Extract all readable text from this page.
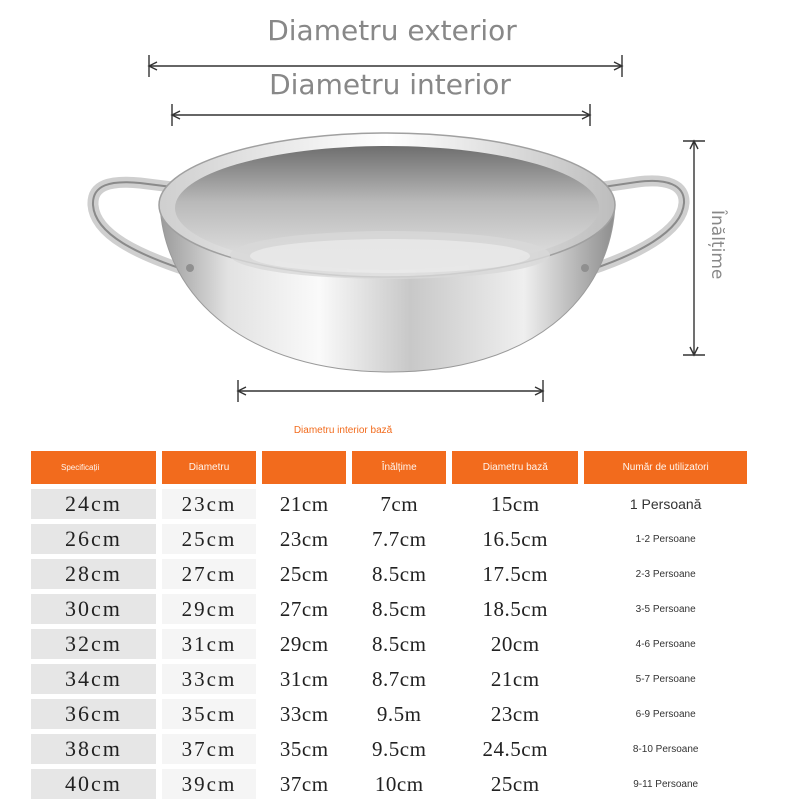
Diametru exterior
Diametru interior
Înălțime
Diametru interior bază
Specificații	Diametru		Înălțime	Diametru bază	Număr de utilizatori
24cm	23cm	21cm	7cm	15cm	1 Persoană
26cm	25cm	23cm	7.7cm	16.5cm	1-2 Persoane
28cm	27cm	25cm	8.5cm	17.5cm	2-3 Persoane
30cm	29cm	27cm	8.5cm	18.5cm	3-5 Persoane
32cm	31cm	29cm	8.5cm	20cm	4-6 Persoane
34cm	33cm	31cm	8.7cm	21cm	5-7 Persoane
36cm	35cm	33cm	9.5m	23cm	6-9 Persoane
38cm	37cm	35cm	9.5cm	24.5cm	8-10 Persoane
40cm	39cm	37cm	10cm	25cm	9-11 Persoane
